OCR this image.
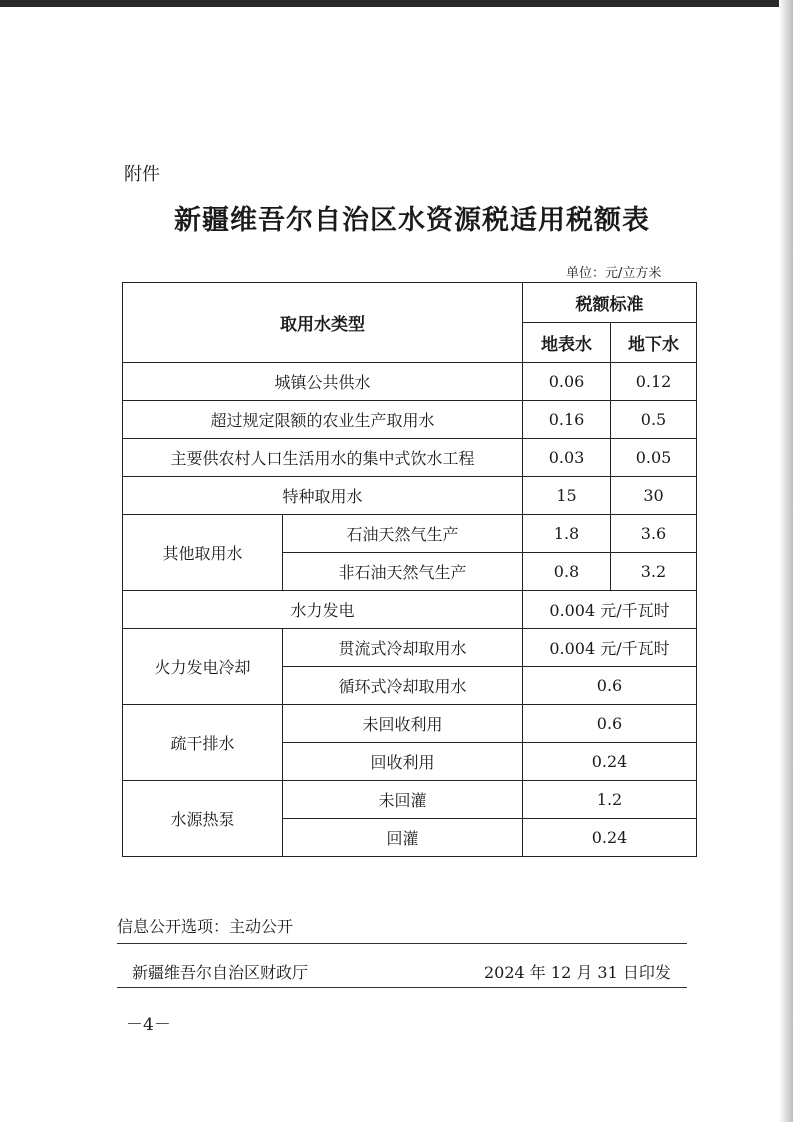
附件
新疆维吾尔自治区水资源税适用税额表
单位：元/立方米
取用水类型		税额标准	
		地表水	地下水
城镇公共供水		0.06	0.12
超过规定限额的农业生产取用水		0.16	0.5
主要供农村人口生活用水的集中式饮水工程		0.03	0.05
特种取用水		15	30
其他取用水	石油天然气生产	1.8	3.6
	非石油天然气生产	0.8	3.2
水力发电		0.004 元/千瓦时	
火力发电冷却	贯流式冷却取用水	0.004 元/千瓦时	
	循环式冷却取用水	0.6	
疏干排水	未回收利用	0.6	
	回收利用	0.24	
水源热泵	未回灌	1.2	
	回灌	0.24	
信息公开选项：主动公开
新疆维吾尔自治区财政厅	2024 年 12 月 31 日印发
－4－
